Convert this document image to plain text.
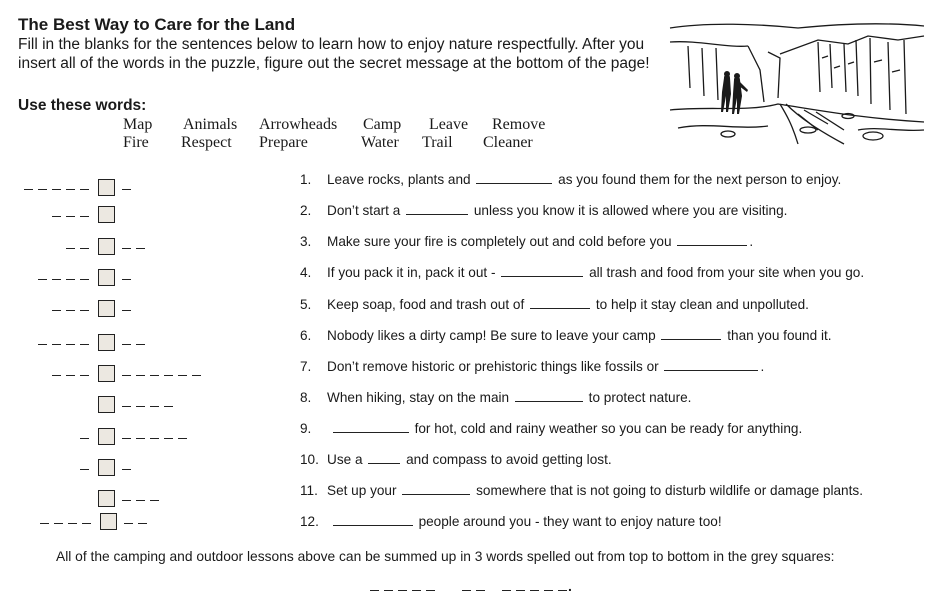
The Best Way to Care for the Land
Fill in the blanks for the sentences below to learn how to enjoy nature respectfully. After you insert all of the words in the puzzle, figure out the secret message at the bottom of the page!
Use these words:
Map Animals Arrowheads Camp Leave Remove
Fire Respect Prepare	Water Trail Cleaner
1. Leave rocks, plants and	as you found them for the next person to enjoy.
2. Don’t start a	unless you know it is allowed where you are visiting.
3. Make sure your fire is completely out and cold before you	.
4. If you pack it in, pack it out -	all trash and food from your site when you go.
5. Keep soap, food and trash out of	to help it stay clean and unpolluted.
6. Nobody likes a dirty camp! Be sure to leave your camp	than you found it.
7. Don’t remove historic or prehistoric things like fossils or	.
8. When hiking, stay on the main	to protect nature.
9.	for hot, cold and rainy weather so you can be ready for anything.
10. Use a	and compass to avoid getting lost.
11. Set up your	somewhere that is not going to disturb wildlife or damage plants.
12.	people around you - they want to enjoy nature too!
All of the camping and outdoor lessons above can be summed up in 3 words spelled out from top to bottom in the grey squares:
.
